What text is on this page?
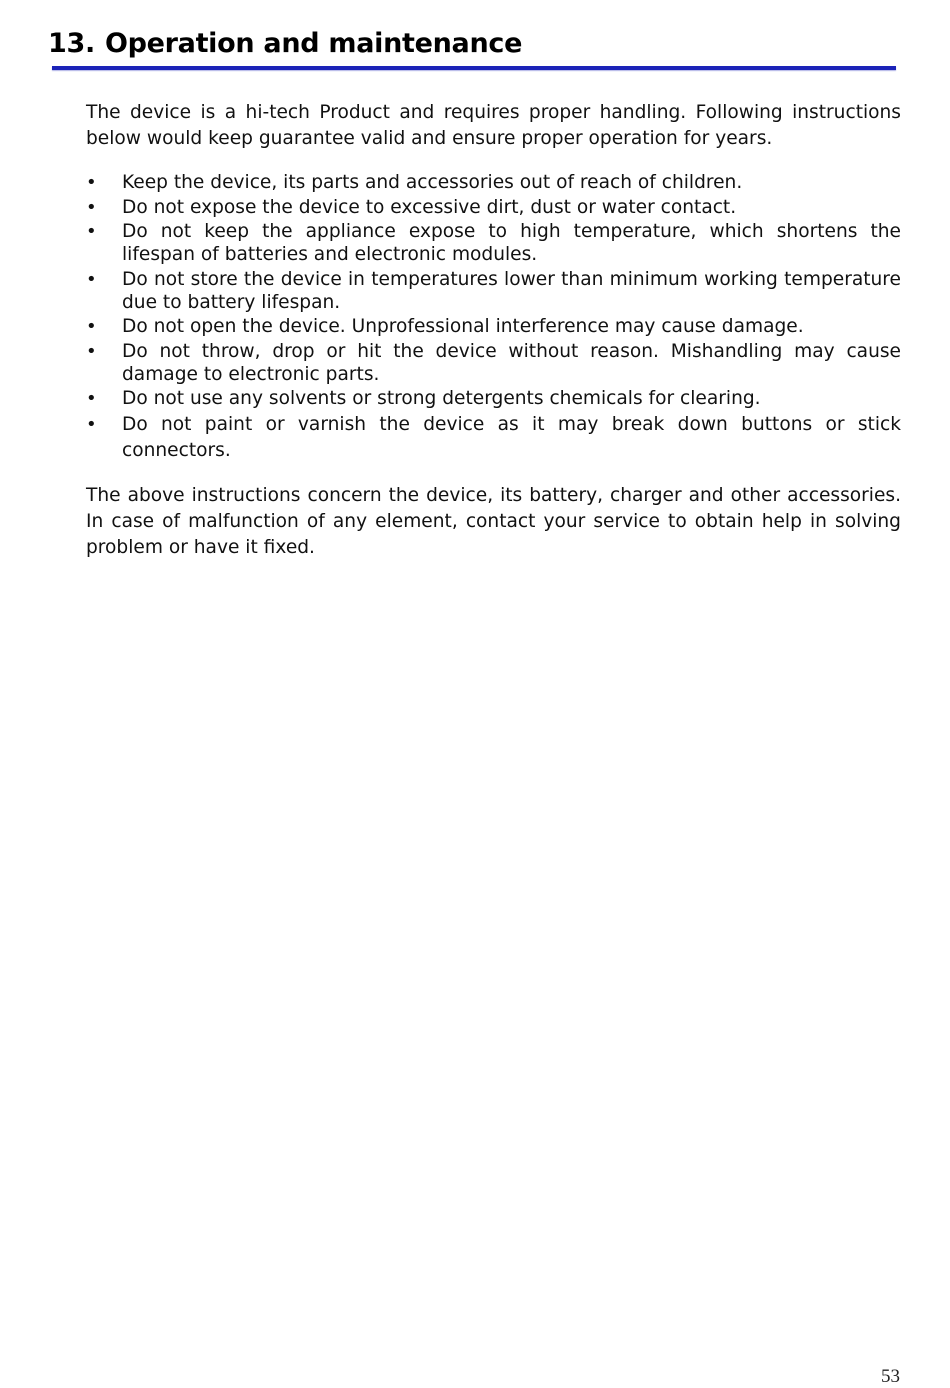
13. Operation and maintenance

The device is a hi-tech Product and requires proper handling. Following instructions below would keep guarantee valid and ensure proper operation for years.

• Keep the device, its parts and accessories out of reach of children.
• Do not expose the device to excessive dirt, dust or water contact.
• Do not keep the appliance expose to high temperature, which shortens the lifespan of batteries and electronic modules.
• Do not store the device in temperatures lower than minimum working temperature due to battery lifespan.
• Do not open the device. Unprofessional interference may cause damage.
• Do not throw, drop or hit the device without reason. Mishandling may cause damage to electronic parts.
• Do not use any solvents or strong detergents chemicals for clearing.
• Do not paint or varnish the device as it may break down buttons or stick connectors.

The above instructions concern the device, its battery, charger and other accessories. In case of malfunction of any element, contact your service to obtain help in solving problem or have it fixed.

53
